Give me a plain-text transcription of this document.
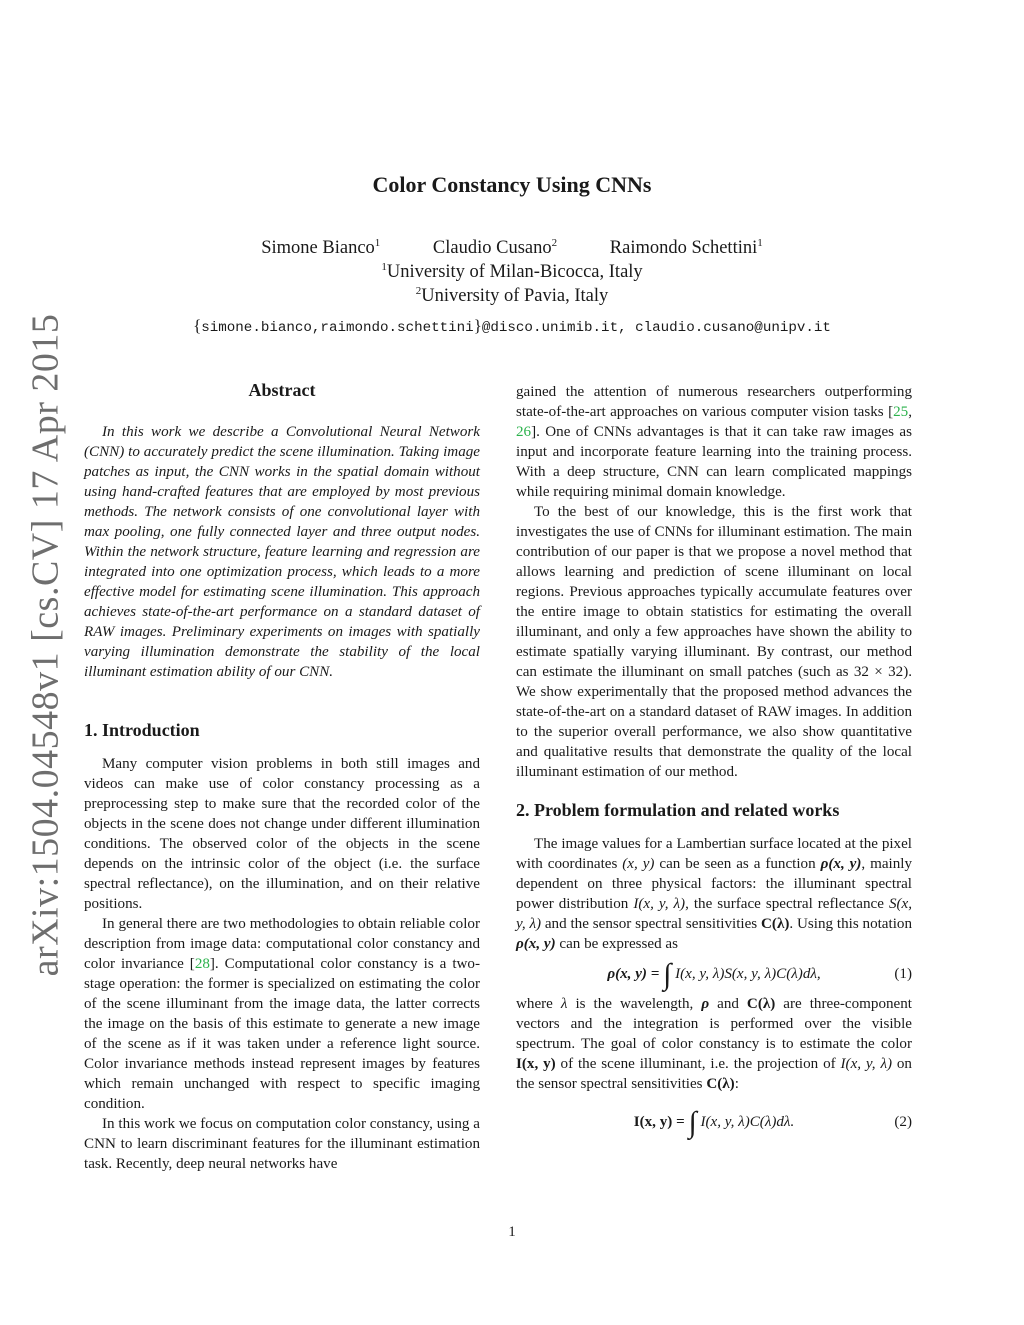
arXiv:1504.04548v1 [cs.CV] 17 Apr 2015
Color Constancy Using CNNs
Simone Bianco$^1$	Claudio Cusano$^2$	Raimondo Schettini$^1$
$^1$University of Milan-Bicocca, Italy
$^2$University of Pavia, Italy
{simone.bianco,raimondo.schettini}@disco.unimib.it, claudio.cusano@unipv.it
Abstract

In this work we describe a Convolutional Neural Network (CNN) to accurately predict the scene illumination. Taking image patches as input, the CNN works in the spatial domain without using hand-crafted features that are employed by most previous methods. The network consists of one convolutional layer with max pooling, one fully connected layer and three output nodes. Within the network structure, feature learning and regression are integrated into one optimization process, which leads to a more effective model for estimating scene illumination. This approach achieves state-of-the-art performance on a standard dataset of RAW images. Preliminary experiments on images with spatially varying illumination demonstrate the stability of the local illuminant estimation ability of our CNN.

1. Introduction

Many computer vision problems in both still images and videos can make use of color constancy processing as a preprocessing step to make sure that the recorded color of the objects in the scene does not change under different illumination conditions. The observed color of the objects in the scene depends on the intrinsic color of the object (i.e. the surface spectral reflectance), on the illumination, and on their relative positions.

In general there are two methodologies to obtain reliable color description from image data: computational color constancy and color invariance [28]. Computational color constancy is a two-stage operation: the former is specialized on estimating the color of the scene illuminant from the image data, the latter corrects the image on the basis of this estimate to generate a new image of the scene as if it was taken under a reference light source. Color invariance methods instead represent images by features which remain unchanged with respect to specific imaging condition.

In this work we focus on computation color constancy, using a CNN to learn discriminant features for the illuminant estimation task. Recently, deep neural networks have

gained the attention of numerous researchers outperforming state-of-the-art approaches on various computer vision tasks [25, 26]. One of CNNs advantages is that it can take raw images as input and incorporate feature learning into the training process. With a deep structure, CNN can learn complicated mappings while requiring minimal domain knowledge.

To the best of our knowledge, this is the first work that investigates the use of CNNs for illuminant estimation. The main contribution of our paper is that we propose a novel method that allows learning and prediction of scene illuminant on local regions. Previous approaches typically accumulate features over the entire image to obtain statistics for estimating the overall illuminant, and only a few approaches have shown the ability to estimate spatially varying illuminant. By contrast, our method can estimate the illuminant on small patches (such as 32 × 32). We show experimentally that the proposed method advances the state-of-the-art on a standard dataset of RAW images. In addition to the superior overall performance, we also show quantitative and qualitative results that demonstrate the quality of the local illuminant estimation of our method.

2. Problem formulation and related works

The image values for a Lambertian surface located at the pixel with coordinates (x, y) can be seen as a function ρ(x, y), mainly dependent on three physical factors: the illuminant spectral power distribution I(x, y, λ), the surface spectral reflectance S(x, y, λ) and the sensor spectral sensitivities C(λ). Using this notation ρ(x, y) can be expressed as

ρ(x, y) = ∫ I(x, y, λ)S(x, y, λ)C(λ)dλ,	(1)

where λ is the wavelength, ρ and C(λ) are three-component vectors and the integration is performed over the visible spectrum. The goal of color constancy is to estimate the color I(x, y) of the scene illuminant, i.e. the projection of I(x, y, λ) on the sensor spectral sensitivities C(λ):

I(x, y) = ∫ I(x, y, λ)C(λ)dλ.	(2)
1
